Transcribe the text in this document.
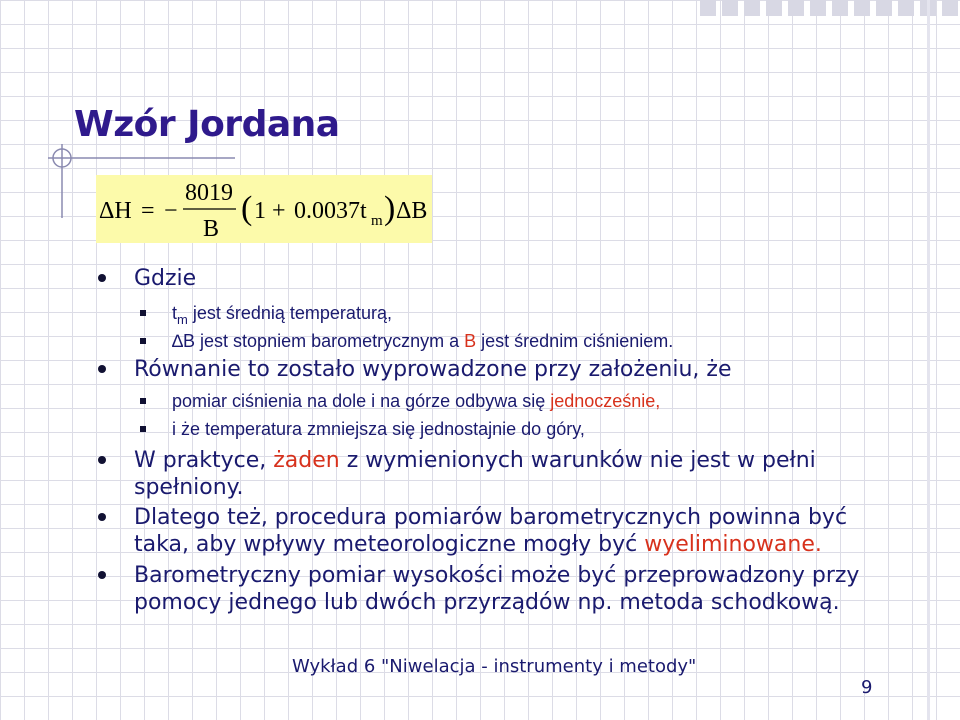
Wzór Jordana
ΔH = −
8019
B
( 1 + 0.0037t m ) ΔB
Gdzie
$t_m$ jest średnią temperaturą,
∆B jest stopniem barometrycznym a B jest średnim ciśnieniem.
Równanie to zostało wyprowadzone przy założeniu, że
pomiar ciśnienia na dole i na górze odbywa się jednocześnie,
i że temperatura zmniejsza się jednostajnie do góry,
W praktyce, żaden z wymienionych warunków nie jest w pełni spełniony.
Dlatego też, procedura pomiarów barometrycznych powinna być taka, aby wpływy meteorologiczne mogły być wyeliminowane.
Barometryczny pomiar wysokości może być przeprowadzony przy pomocy jednego lub dwóch przyrządów np. metoda schodkową.
Wykład 6 "Niwelacja - instrumenty i metody"
9
